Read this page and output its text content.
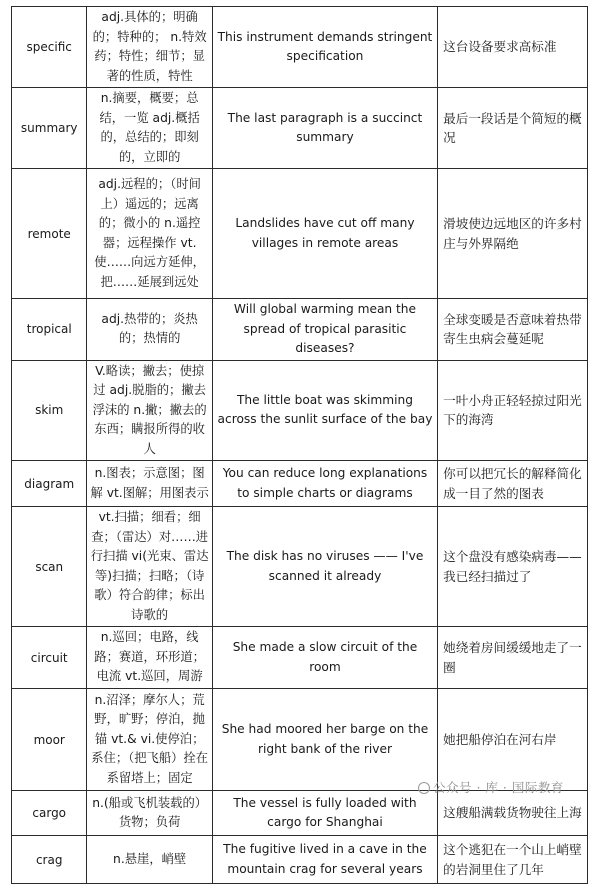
specific	adj.具体的；明确的；特种的； n.特效药；特性；细节；显著的性质，特性	This instrument demands stringent specification	这台设备要求高标准
summary	n.摘要，概要；总结，一览 adj.概括的，总结的；即刻的，立即的	The last paragraph is a succinct summary	最后一段话是个简短的概况
remote	adj.远程的；（时间上）遥远的；远离的；微小的 n.遥控器；远程操作 vt.使……向远方延伸，把……延展到远处	Landslides have cut off many villages in remote areas	滑坡使边远地区的许多村庄与外界隔绝
tropical	adj.热带的；炎热的；热情的	Will global warming mean the spread of tropical parasitic diseases?	全球变暖是否意味着热带寄生虫病会蔓延呢
skim	V.略读；撇去；使掠过 adj.脱脂的；撇去浮沫的 n.撇；撇去的东西；瞒报所得的收人	The little boat was skimming across the sunlit surface of the bay	一叶小舟正轻轻掠过阳光下的海湾
diagram	n.图表；示意图；图解 vt.图解；用图表示	You can reduce long explanations to simple charts or diagrams	你可以把冗长的解释简化成一目了然的图表
scan	vt.扫描；细看；细查；（雷达）对……进行扫描 vi(光束、雷达等)扫描；扫略；（诗歌）符合韵律；标出诗歌的	The disk has no viruses —— I've scanned it already	这个盘没有感染病毒——我已经扫描过了
circuit	n.巡回；电路，线路；赛道，环形道；电流 vt.巡回，周游	She made a slow circuit of the room	她绕着房间缓缓地走了一圈
moor	n.沼泽；摩尔人；荒野，旷野；停泊，抛锚 vt.& vi.使停泊；系住；（把飞船）拴在系留塔上；固定	She had moored her barge on the right bank of the river	她把船停泊在河右岸
cargo	n.(船或飞机装载的）货物；负荷	The vessel is fully loaded with cargo for Shanghai	这艘船满载货物驶往上海
crag	n.悬崖，峭壁	The fugitive lived in a cave in the mountain crag for several years	这个逃犯在一个山上峭壁的岩洞里住了几年
公众号 · 库 · 国际教育
